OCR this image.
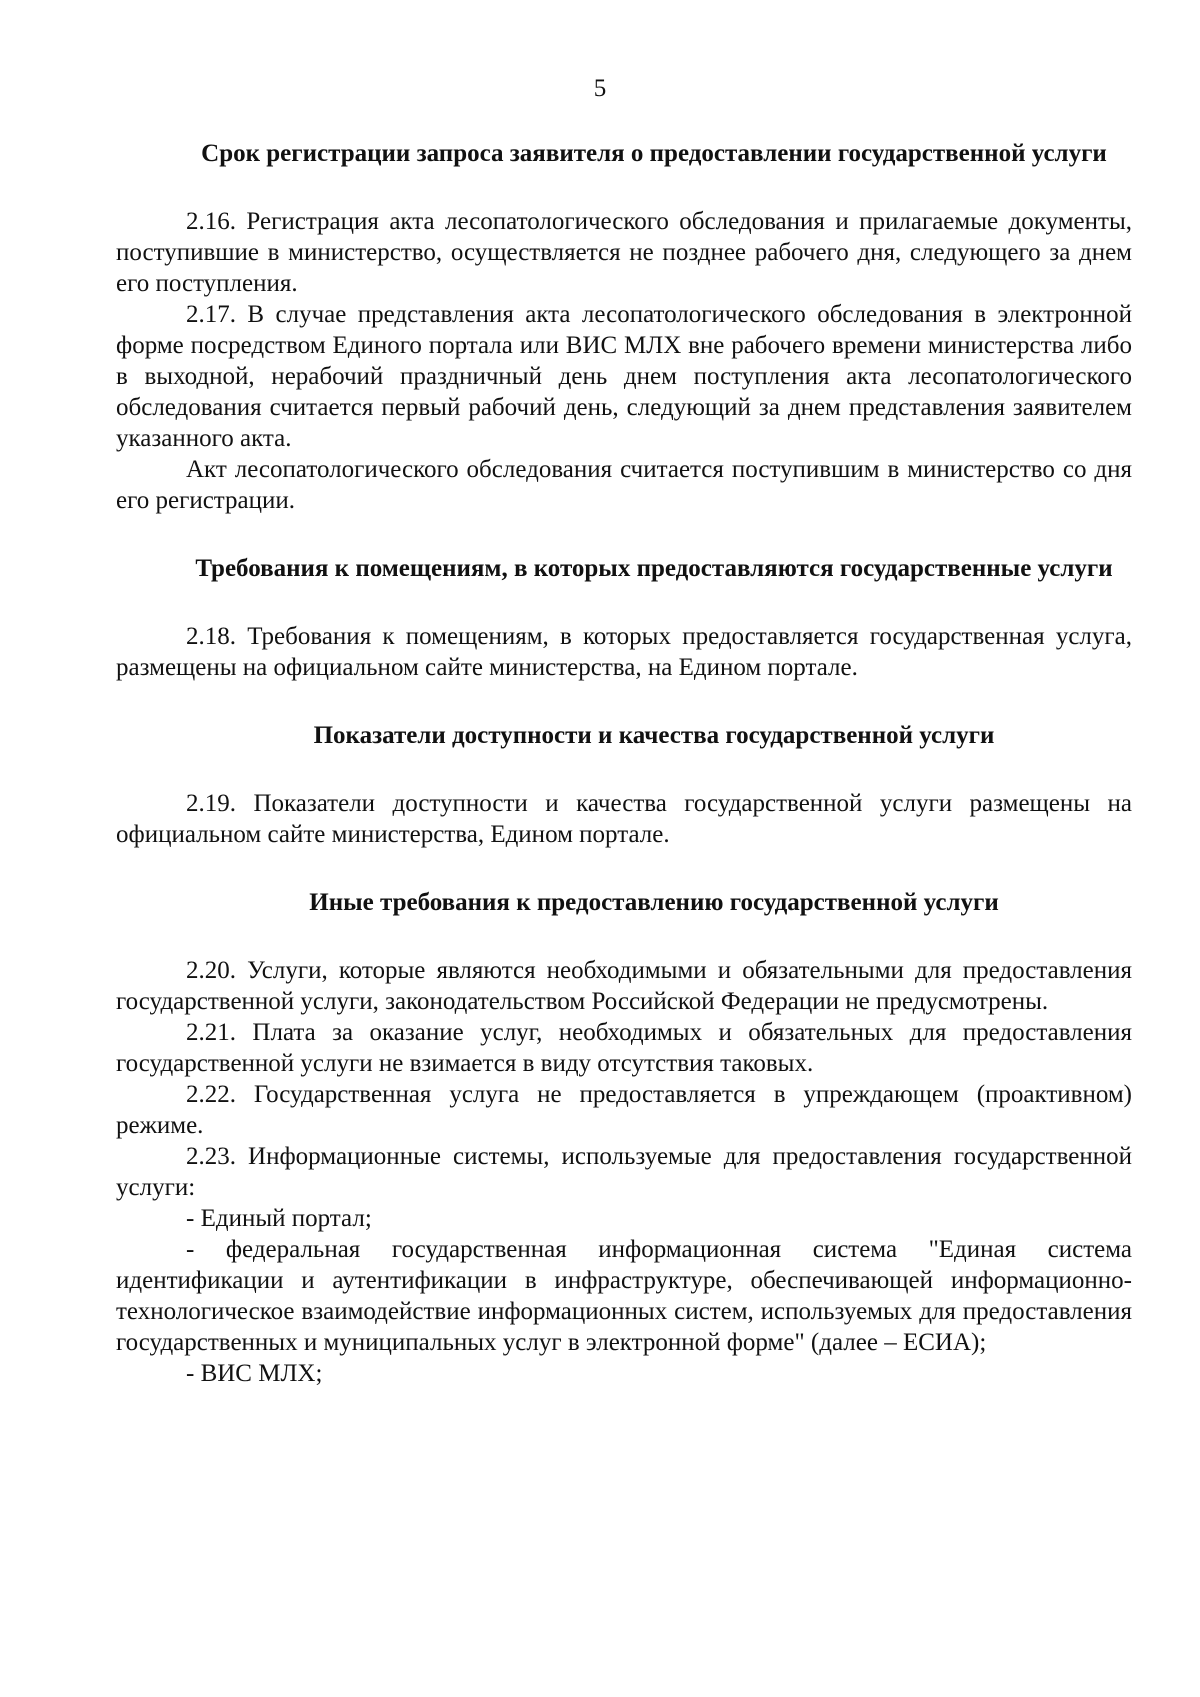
5

Срок регистрации запроса заявителя о предоставлении государственной услуги

2.16. Регистрация акта лесопатологического обследования и прилагаемые документы, поступившие в министерство, осуществляется не позднее рабочего дня, следующего за днем его поступления.

2.17. В случае представления акта лесопатологического обследования в электронной форме посредством Единого портала или ВИС МЛХ вне рабочего времени министерства либо в выходной, нерабочий праздничный день днем поступления акта лесопатологического обследования считается первый рабочий день, следующий за днем представления заявителем указанного акта.

Акт лесопатологического обследования считается поступившим в министерство со дня его регистрации.

Требования к помещениям, в которых предоставляются государственные услуги

2.18. Требования к помещениям, в которых предоставляется государственная услуга, размещены на официальном сайте министерства, на Едином портале.

Показатели доступности и качества государственной услуги

2.19. Показатели доступности и качества государственной услуги размещены на официальном сайте министерства, Едином портале.

Иные требования к предоставлению государственной услуги

2.20. Услуги, которые являются необходимыми и обязательными для предоставления государственной услуги, законодательством Российской Федерации не предусмотрены.

2.21. Плата за оказание услуг, необходимых и обязательных для предоставления государственной услуги не взимается в виду отсутствия таковых.

2.22. Государственная услуга не предоставляется в упреждающем (проактивном) режиме.

2.23. Информационные системы, используемые для предоставления государственной услуги:

- Единый портал;

- федеральная государственная информационная система "Единая система идентификации и аутентификации в инфраструктуре, обеспечивающей информационно-технологическое взаимодействие информационных систем, используемых для предоставления государственных и муниципальных услуг в электронной форме" (далее – ЕСИА);

- ВИС МЛХ;
